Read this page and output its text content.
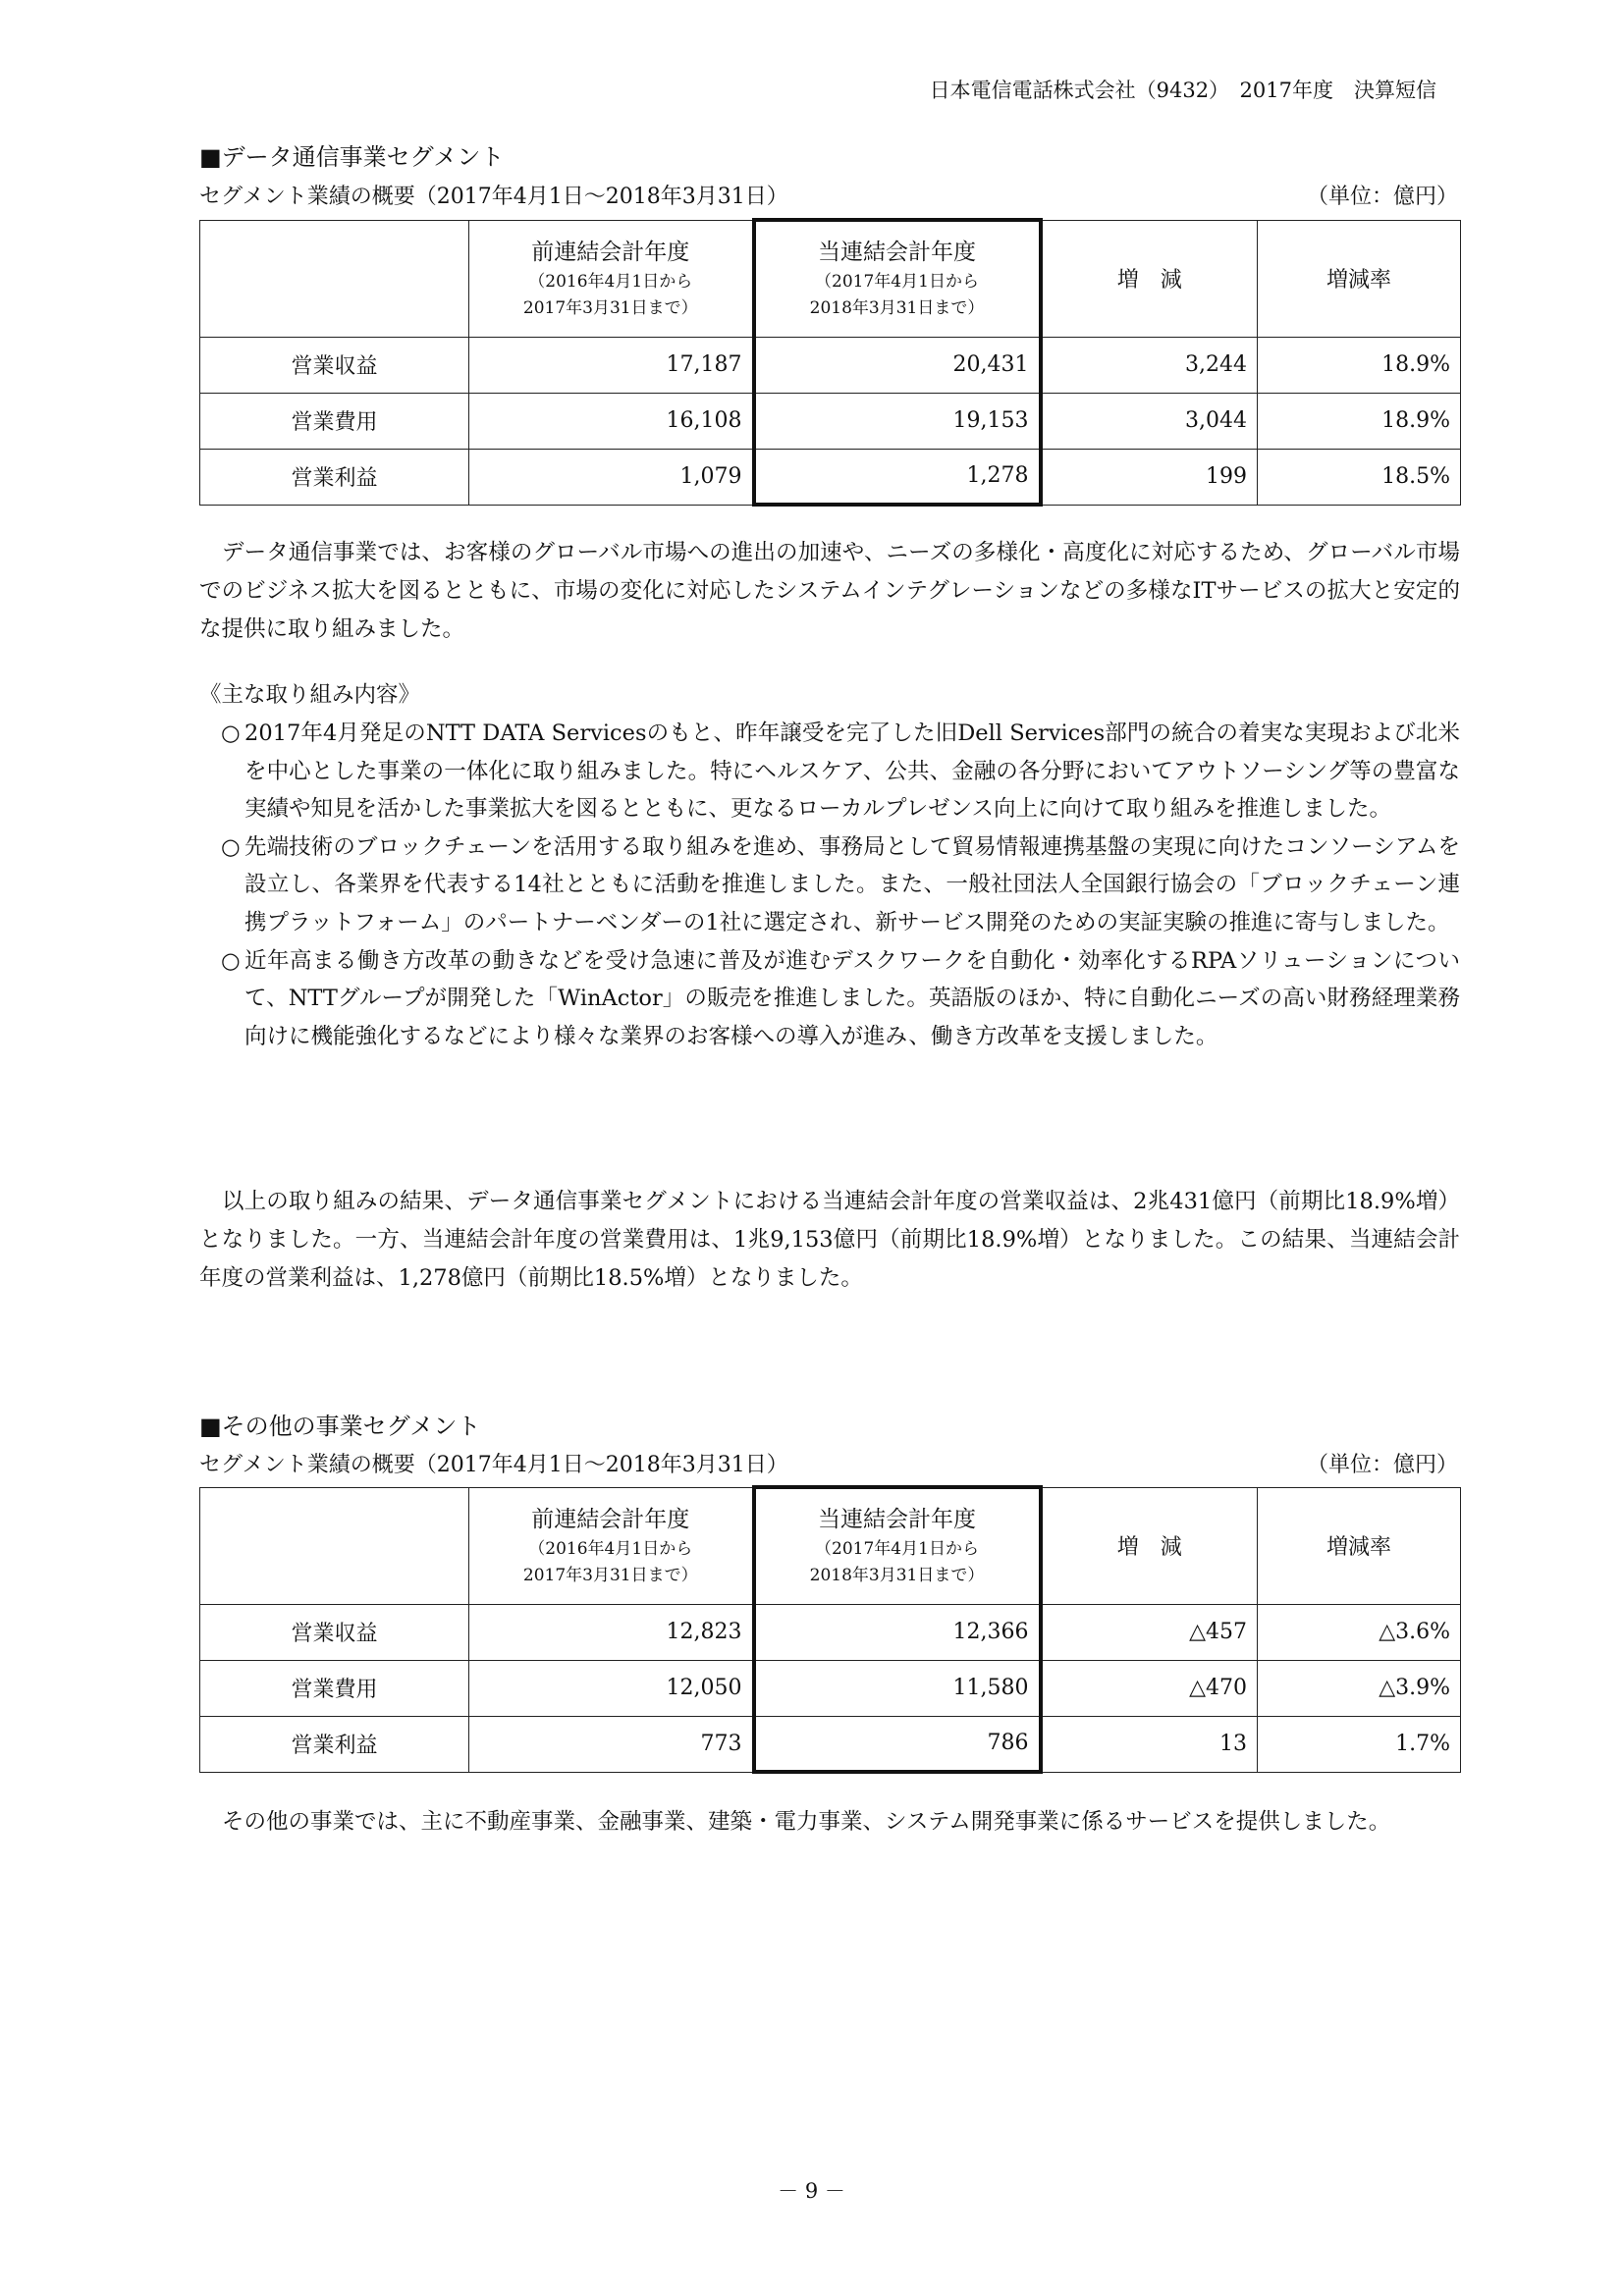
日本電信電話株式会社（9432）　2017年度　決算短信
■データ通信事業セグメント
セグメント業績の概要（2017年4月1日～2018年3月31日）	（単位：億円）

	前連結会計年度
（2016年4月1日から
2017年3月31日まで）	当連結会計年度
（2017年4月1日から
2018年3月31日まで）	増　減	増減率
営業収益	17,187	20,431	3,244	18.9%
営業費用	16,108	19,153	3,044	18.9%
営業利益	1,079	1,278	199	18.5%
データ通信事業では、お客様のグローバル市場への進出の加速や、ニーズの多様化・高度化に対応するため、グローバル市場でのビジネス拡大を図るとともに、市場の変化に対応したシステムインテグレーションなどの多様なITサービスの拡大と安定的な提供に取り組みました。
《主な取り組み内容》
○ 2017年4月発足のNTT DATA Servicesのもと、昨年譲受を完了した旧Dell Services部門の統合の着実な実現および北米を中心とした事業の一体化に取り組みました。特にヘルスケア、公共、金融の各分野においてアウトソーシング等の豊富な実績や知見を活かした事業拡大を図るとともに、更なるローカルプレゼンス向上に向けて取り組みを推進しました。
○ 先端技術のブロックチェーンを活用する取り組みを進め、事務局として貿易情報連携基盤の実現に向けたコンソーシアムを設立し、各業界を代表する14社とともに活動を推進しました。また、一般社団法人全国銀行協会の「ブロックチェーン連携プラットフォーム」のパートナーベンダーの1社に選定され、新サービス開発のための実証実験の推進に寄与しました。
○ 近年高まる働き方改革の動きなどを受け急速に普及が進むデスクワークを自動化・効率化するRPAソリューションについて、NTTグループが開発した「WinActor」の販売を推進しました。英語版のほか、特に自動化ニーズの高い財務経理業務向けに機能強化するなどにより様々な業界のお客様への導入が進み、働き方改革を支援しました。
以上の取り組みの結果、データ通信事業セグメントにおける当連結会計年度の営業収益は、2兆431億円（前期比18.9%増）となりました。一方、当連結会計年度の営業費用は、1兆9,153億円（前期比18.9%増）となりました。この結果、当連結会計年度の営業利益は、1,278億円（前期比18.5%増）となりました。
■その他の事業セグメント
セグメント業績の概要（2017年4月1日～2018年3月31日）	（単位：億円）

	前連結会計年度
（2016年4月1日から
2017年3月31日まで）	当連結会計年度
（2017年4月1日から
2018年3月31日まで）	増　減	増減率
営業収益	12,823	12,366	△457	△3.6%
営業費用	12,050	11,580	△470	△3.9%
営業利益	773	786	13	1.7%
その他の事業では、主に不動産事業、金融事業、建築・電力事業、システム開発事業に係るサービスを提供しました。
－ 9 －
